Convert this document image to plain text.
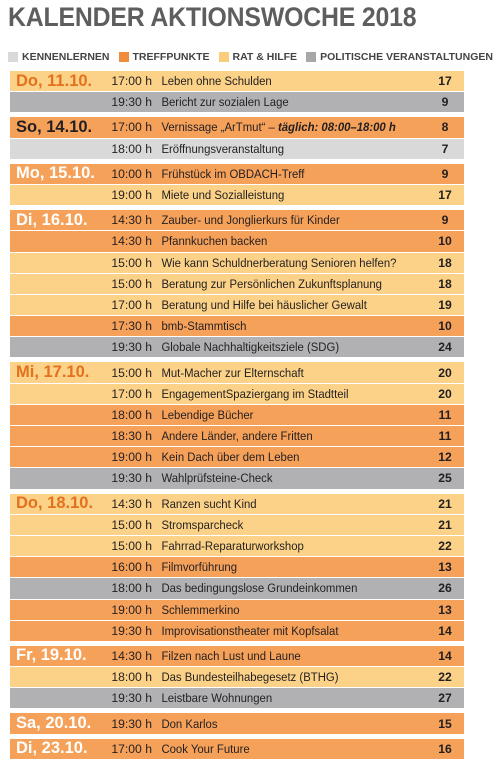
KALENDER AKTIONSWOCHE 2018
KENNENLERNEN TREFFPUNKTE RAT & HILFE POLITISCHE VERANSTALTUNGEN
Do, 11.10.	17:00 h Leben ohne Schulden	17
19:30 h Bericht zur sozialen Lage	9
So, 14.10.	17:00 h Vernissage „ArTmut“ – täglich: 08:00–18:00 h	8
18:00 h Eröffnungsveranstaltung	7
Mo, 15.10.	10:00 h Frühstück im OBDACH-Treff	9
19:00 h Miete und Sozialleistung	17
Di, 16.10.	14:30 h Zauber- und Jonglierkurs für Kinder	9
14:30 h Pfannkuchen backen	10
15:00 h Wie kann Schuldnerberatung Senioren helfen?	18
15:00 h Beratung zur Persönlichen Zukunftsplanung	18
17:00 h Beratung und Hilfe bei häuslicher Gewalt	19
17:30 h bmb-Stammtisch	10
19:30 h Globale Nachhaltigkeitsziele (SDG)	24
Mi, 17.10.	15:00 h Mut-Macher zur Elternschaft	20
17:00 h EngagementSpaziergang im Stadtteil	20
18:00 h Lebendige Bücher	11
18:30 h Andere Länder, andere Fritten	11
19:00 h Kein Dach über dem Leben	12
19:30 h Wahlprüfsteine-Check	25
Do, 18.10.	14:30 h Ranzen sucht Kind	21
15:00 h Stromsparcheck	21
15:00 h Fahrrad-Reparaturworkshop	22
16:00 h Filmvorführung	13
18:00 h Das bedingungslose Grundeinkommen	26
19:00 h Schlemmerkino	13
19:30 h Improvisationstheater mit Kopfsalat	14
Fr, 19.10.	14:30 h Filzen nach Lust und Laune	14
18:00 h Das Bundesteilhabegesetz (BTHG)	22
19:30 h Leistbare Wohnungen	27
Sa, 20.10.	19:30 h Don Karlos	15
Di, 23.10.	17:00 h Cook Your Future	16
